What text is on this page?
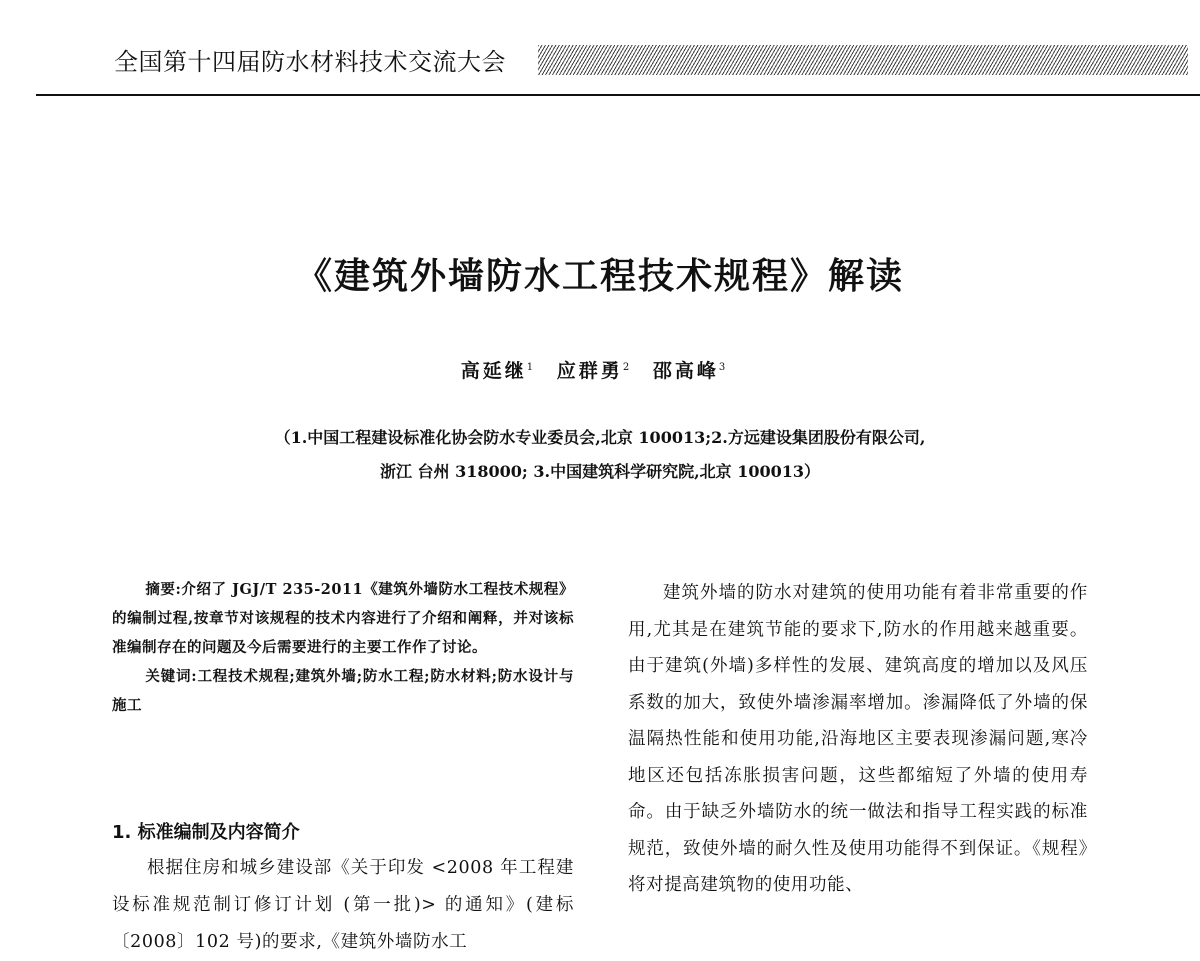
全国第十四届防水材料技术交流大会
《建筑外墙防水工程技术规程》解读
高延继$^1$ 应群勇$^2$ 邵高峰$^3$
（1.中国工程建设标准化协会防水专业委员会,北京 100013;2.方远建设集团股份有限公司,
浙江 台州 318000; 3.中国建筑科学研究院,北京 100013）

摘要:介绍了 JGJ/T 235-2011《建筑外墙防水工程技术规程》的编制过程,按章节对该规程的技术内容进行了介绍和阐释，并对该标准编制存在的问题及今后需要进行的主要工作作了讨论。

关键词:工程技术规程;建筑外墙;防水工程;防水材料;防水设计与施工

1. 标准编制及内容简介
根据住房和城乡建设部《关于印发 <2008 年工程建设标准规范制订修订计划 (第一批)> 的通知》(建标〔2008〕102 号)的要求,《建筑外墙防水工
建筑外墙的防水对建筑的使用功能有着非常重要的作用,尤其是在建筑节能的要求下,防水的作用越来越重要。由于建筑(外墙)多样性的发展、建筑高度的增加以及风压系数的加大，致使外墙渗漏率增加。渗漏降低了外墙的保温隔热性能和使用功能,沿海地区主要表现渗漏问题,寒冷地区还包括冻胀损害问题，这些都缩短了外墙的使用寿命。由于缺乏外墙防水的统一做法和指导工程实践的标准规范，致使外墙的耐久性及使用功能得不到保证。《规程》将对提高建筑物的使用功能、
